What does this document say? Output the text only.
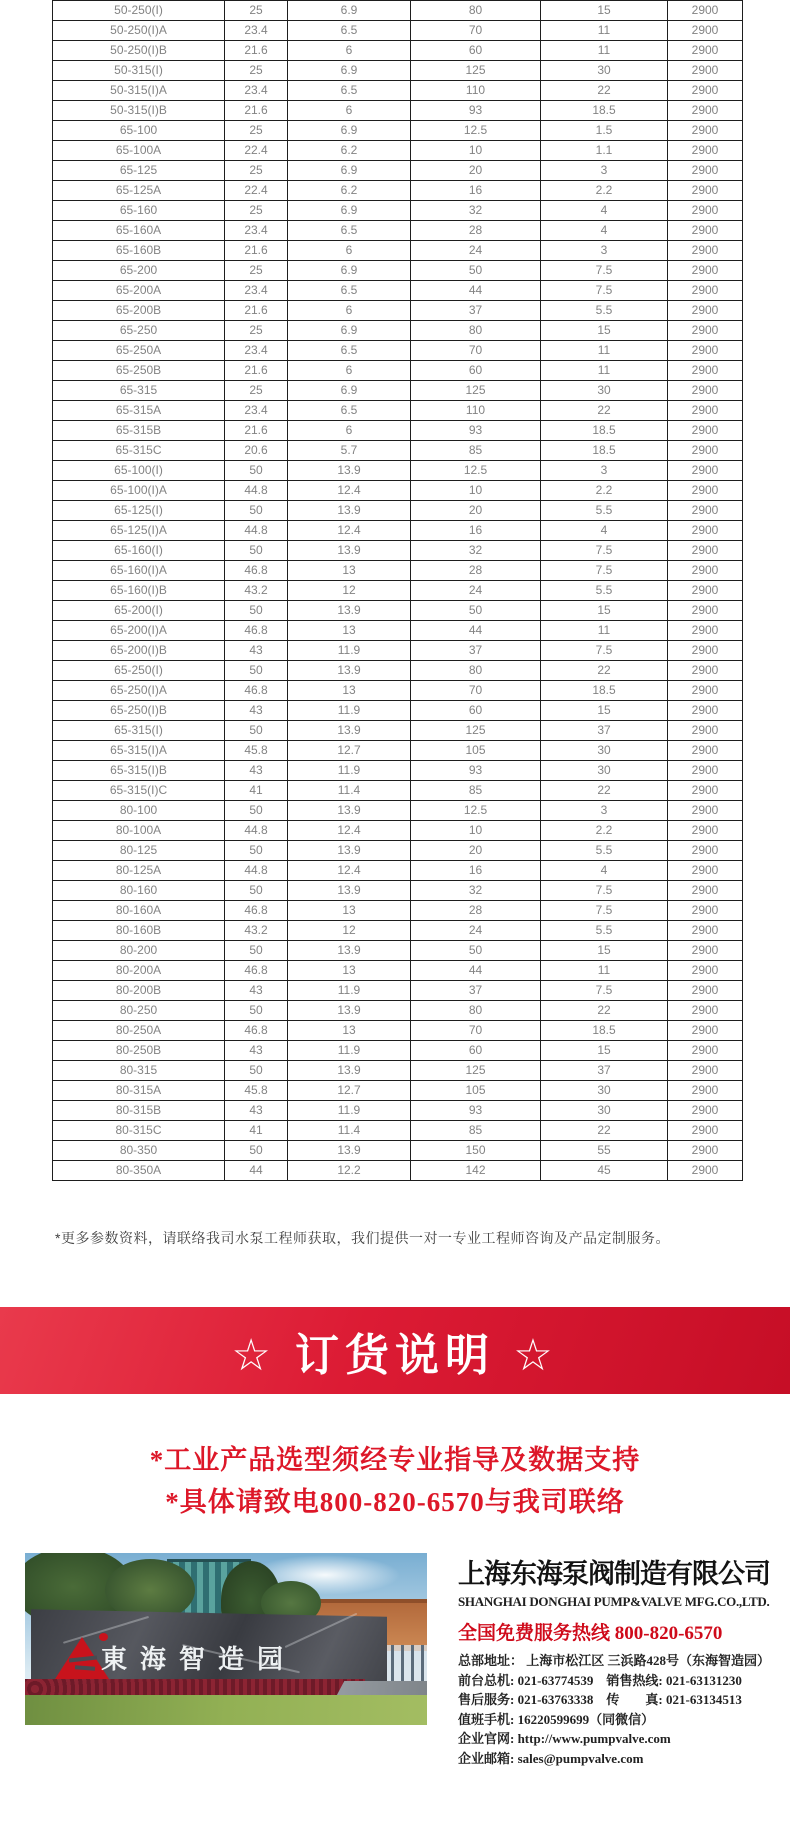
50-250(I)	25	6.9	80	15	2900
50-250(I)A	23.4	6.5	70	11	2900
50-250(I)B	21.6	6	60	11	2900
50-315(I)	25	6.9	125	30	2900
50-315(I)A	23.4	6.5	110	22	2900
50-315(I)B	21.6	6	93	18.5	2900
65-100	25	6.9	12.5	1.5	2900
65-100A	22.4	6.2	10	1.1	2900
65-125	25	6.9	20	3	2900
65-125A	22.4	6.2	16	2.2	2900
65-160	25	6.9	32	4	2900
65-160A	23.4	6.5	28	4	2900
65-160B	21.6	6	24	3	2900
65-200	25	6.9	50	7.5	2900
65-200A	23.4	6.5	44	7.5	2900
65-200B	21.6	6	37	5.5	2900
65-250	25	6.9	80	15	2900
65-250A	23.4	6.5	70	11	2900
65-250B	21.6	6	60	11	2900
65-315	25	6.9	125	30	2900
65-315A	23.4	6.5	110	22	2900
65-315B	21.6	6	93	18.5	2900
65-315C	20.6	5.7	85	18.5	2900
65-100(I)	50	13.9	12.5	3	2900
65-100(I)A	44.8	12.4	10	2.2	2900
65-125(I)	50	13.9	20	5.5	2900
65-125(I)A	44.8	12.4	16	4	2900
65-160(I)	50	13.9	32	7.5	2900
65-160(I)A	46.8	13	28	7.5	2900
65-160(I)B	43.2	12	24	5.5	2900
65-200(I)	50	13.9	50	15	2900
65-200(I)A	46.8	13	44	11	2900
65-200(I)B	43	11.9	37	7.5	2900
65-250(I)	50	13.9	80	22	2900
65-250(I)A	46.8	13	70	18.5	2900
65-250(I)B	43	11.9	60	15	2900
65-315(I)	50	13.9	125	37	2900
65-315(I)A	45.8	12.7	105	30	2900
65-315(I)B	43	11.9	93	30	2900
65-315(I)C	41	11.4	85	22	2900
80-100	50	13.9	12.5	3	2900
80-100A	44.8	12.4	10	2.2	2900
80-125	50	13.9	20	5.5	2900
80-125A	44.8	12.4	16	4	2900
80-160	50	13.9	32	7.5	2900
80-160A	46.8	13	28	7.5	2900
80-160B	43.2	12	24	5.5	2900
80-200	50	13.9	50	15	2900
80-200A	46.8	13	44	11	2900
80-200B	43	11.9	37	7.5	2900
80-250	50	13.9	80	22	2900
80-250A	46.8	13	70	18.5	2900
80-250B	43	11.9	60	15	2900
80-315	50	13.9	125	37	2900
80-315A	45.8	12.7	105	30	2900
80-315B	43	11.9	93	30	2900
80-315C	41	11.4	85	22	2900
80-350	50	13.9	150	55	2900
80-350A	44	12.2	142	45	2900
*更多参数资料，请联络我司水泵工程师获取，我们提供一对一专业工程师咨询及产品定制服务。
☆ 订货说明 ☆
*工业产品选型须经专业指导及数据支持
*具体请致电800-820-6570与我司联络
東海智造园
上海东海泵阀制造有限公司
SHANGHAI DONGHAI PUMP&VALVE MFG.CO.,LTD.
全国免费服务热线 800-820-6570
总部地址： 上海市松江区 三浜路428号（东海智造园）
前台总机: 021-63774539　销售热线: 021-63131230
售后服务: 021-63763338　传　　真: 021-63134513
值班手机: 16220599699（同微信）
企业官网: http://www.pumpvalve.com
企业邮箱: sales@pumpvalve.com
